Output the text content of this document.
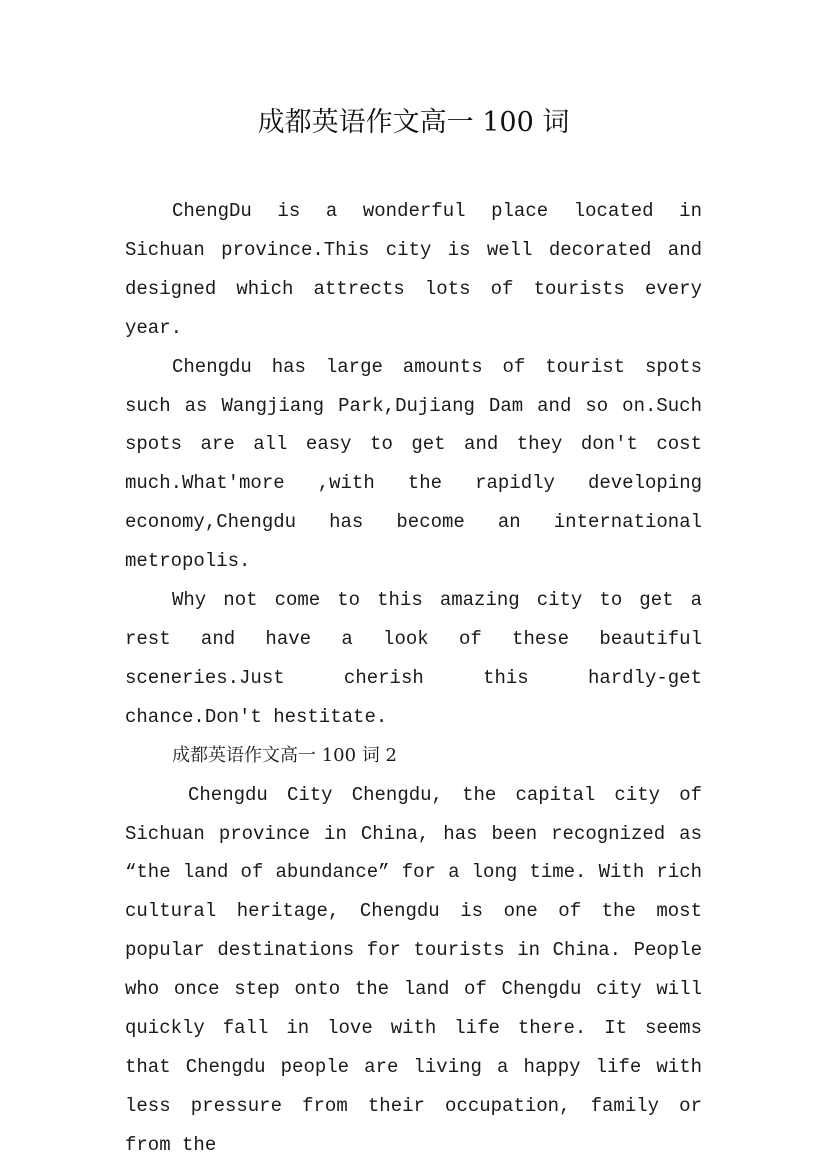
成都英语作文高一 100 词

ChengDu is a wonderful place located in Sichuan province.This city is well decorated and designed which attrects lots of tourists every year.

Chengdu has large amounts of tourist spots such as Wangjiang Park,Dujiang Dam and so on.Such spots are all easy to get and they don't cost much.What'more ,with the rapidly developing economy,Chengdu has become an international metropolis.

Why not come to this amazing city to get a rest and have a look of these beautiful sceneries.Just cherish this hardly-get chance.Don't hestitate.

成都英语作文高一 100 词 2

Chengdu City Chengdu, the capital city of Sichuan province in China, has been recognized as “the land of abundance” for a long time. With rich cultural heritage, Chengdu is one of the most popular destinations for tourists in China. People who once step onto the land of Chengdu city will quickly fall in love with life there. It seems that Chengdu people are living a happy life with less pressure from their occupation, family or from the
